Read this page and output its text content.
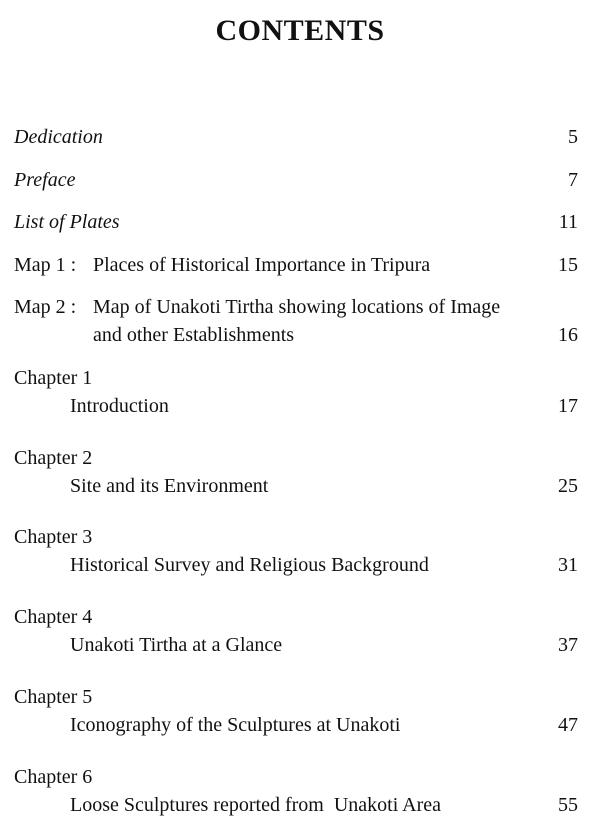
CONTENTS
Dedication	5
Preface	7
List of Plates	11
Map 1 : Places of Historical Importance in Tripura	15
Map 2 : Map of Unakoti Tirtha showing locations of Image
and other Establishments	16
Chapter 1
Introduction	17
Chapter 2
Site and its Environment	25
Chapter 3
Historical Survey and Religious Background	31
Chapter 4
Unakoti Tirtha at a Glance	37
Chapter 5
Iconography of the Sculptures at Unakoti	47
Chapter 6
Loose Sculptures reported from  Unakoti Area	55
